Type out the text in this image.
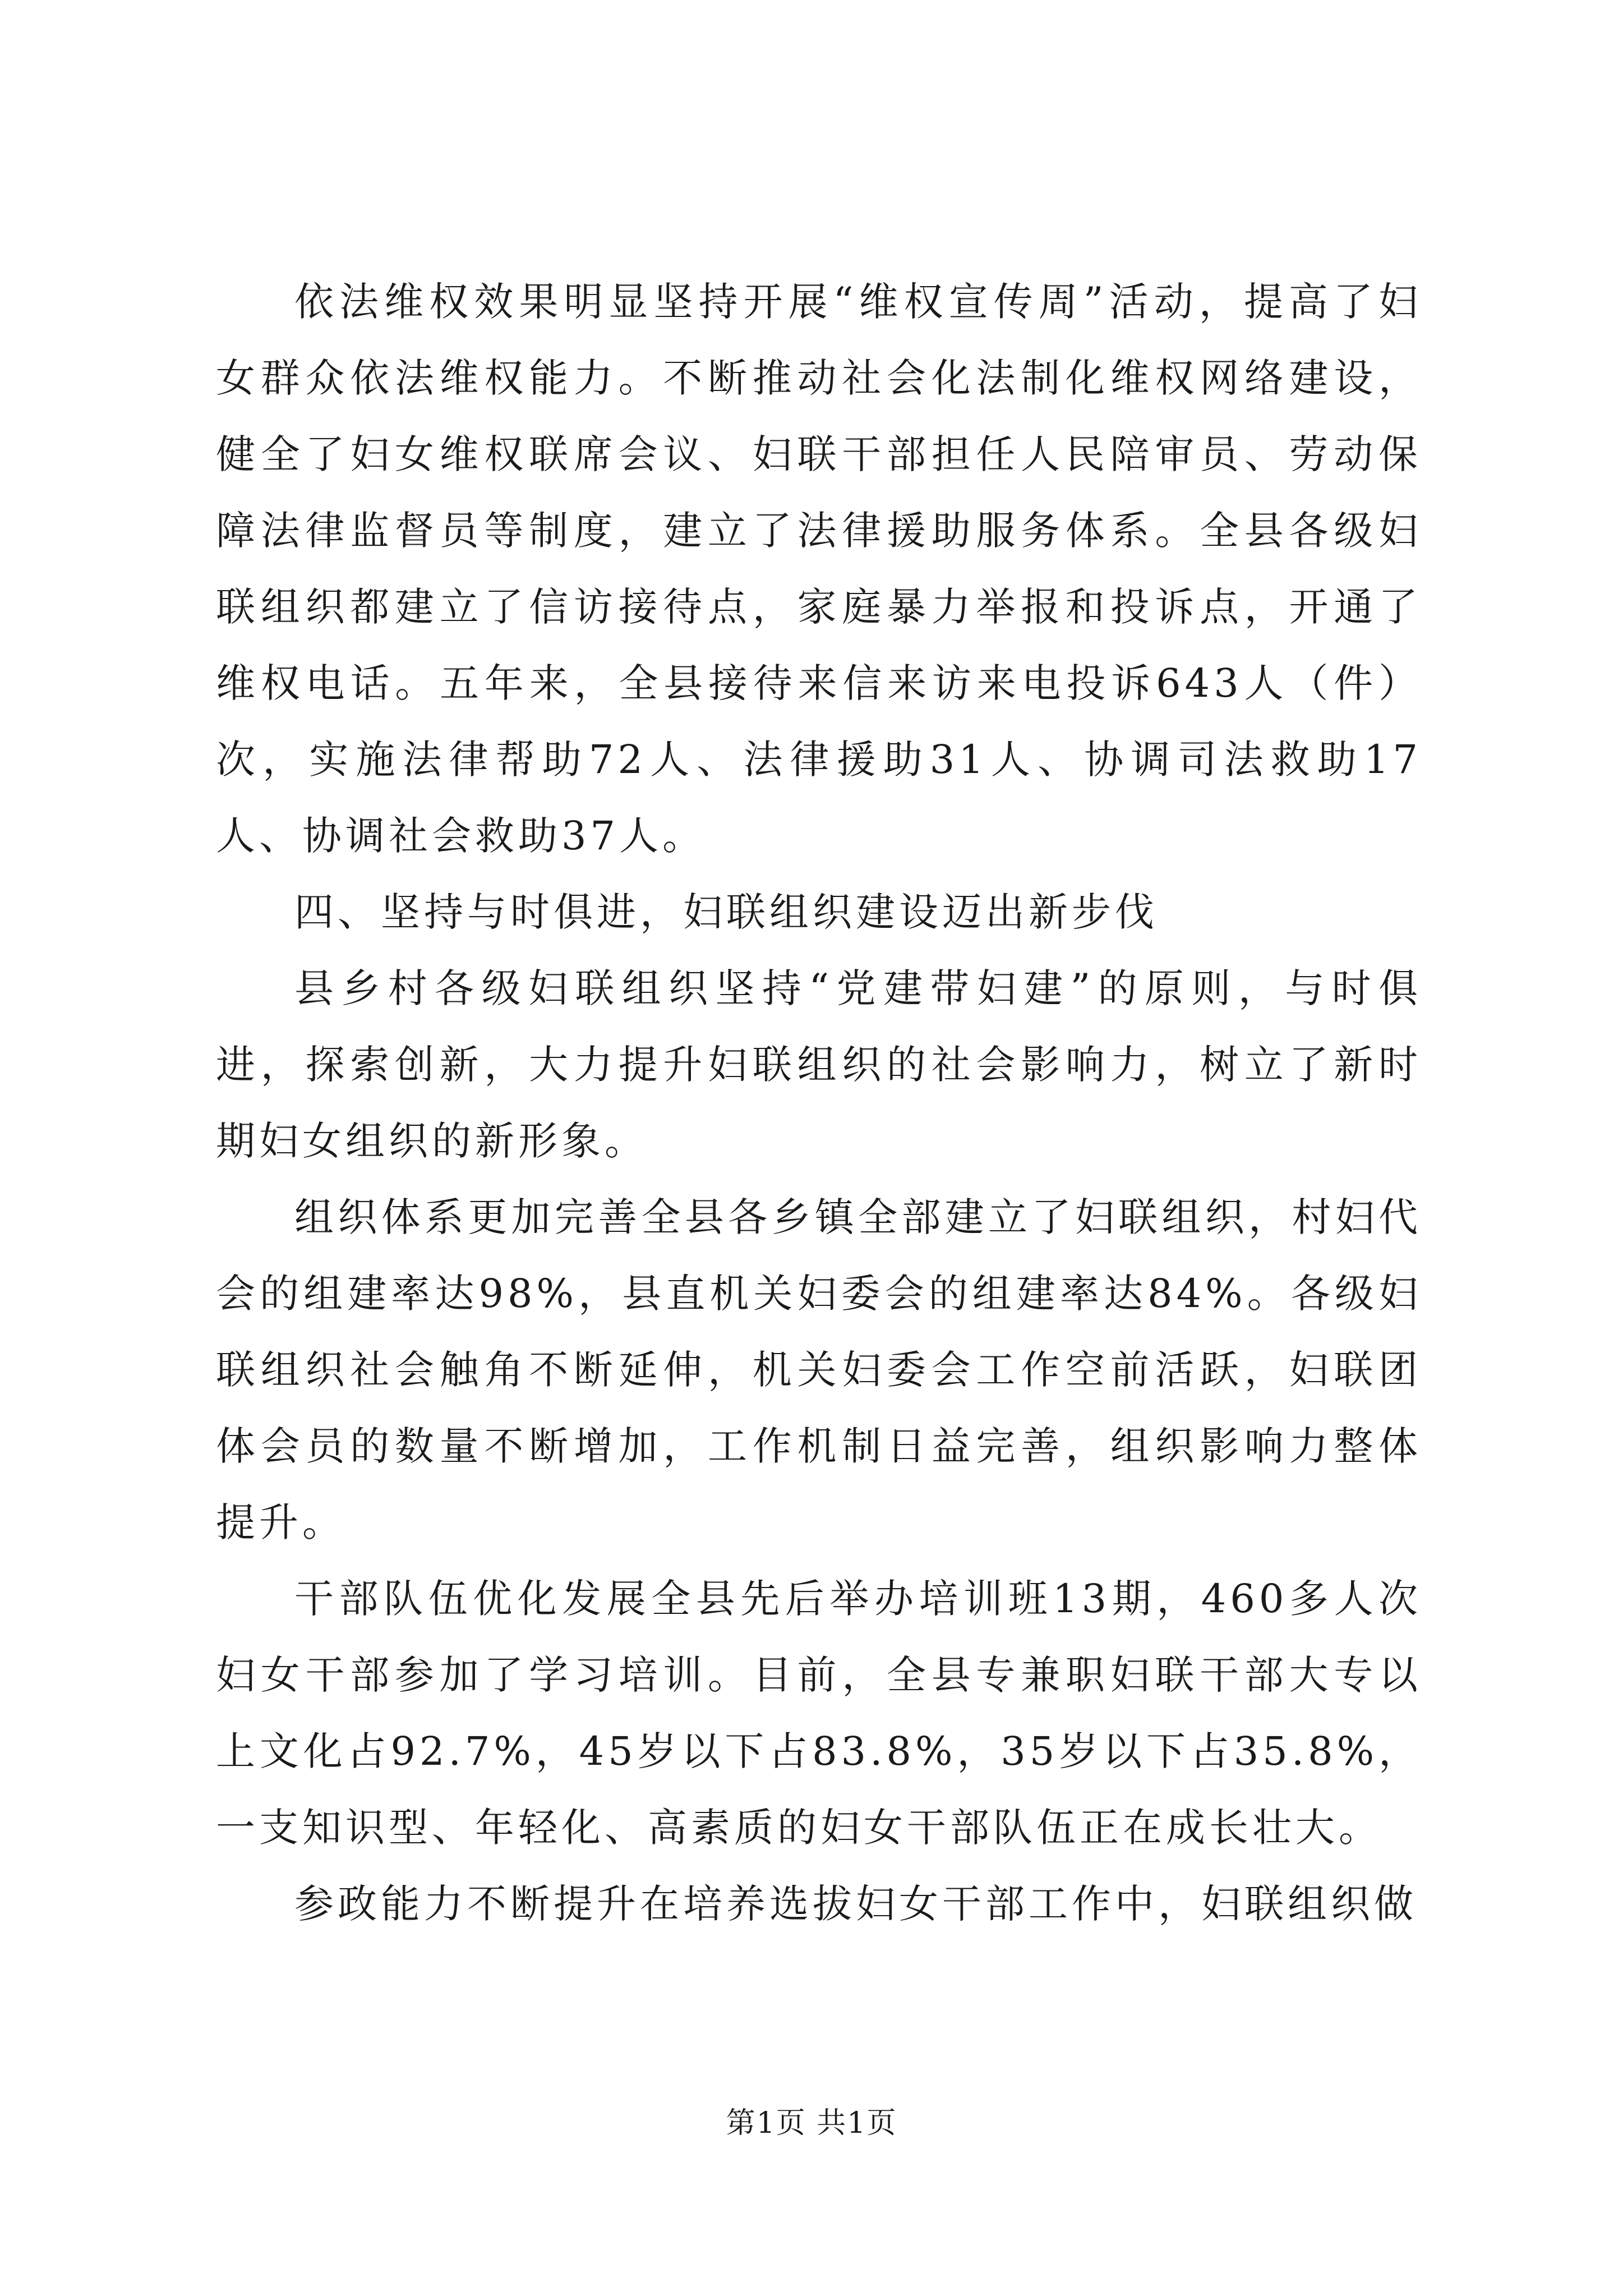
依法维权效果明显坚持开展“维权宣传周”活动，提高了妇女群众依法维权能力。不断推动社会化法制化维权网络建设，健全了妇女维权联席会议、妇联干部担任人民陪审员、劳动保障法律监督员等制度，建立了法律援助服务体系。全县各级妇联组织都建立了信访接待点，家庭暴力举报和投诉点，开通了维权电话。五年来，全县接待来信来访来电投诉643人（件）次，实施法律帮助72人、法律援助31人、协调司法救助17人、协调社会救助37人。

四、坚持与时俱进，妇联组织建设迈出新步伐

县乡村各级妇联组织坚持“党建带妇建”的原则，与时俱进，探索创新，大力提升妇联组织的社会影响力，树立了新时期妇女组织的新形象。

组织体系更加完善全县各乡镇全部建立了妇联组织，村妇代会的组建率达98%，县直机关妇委会的组建率达84%。各级妇联组织社会触角不断延伸，机关妇委会工作空前活跃，妇联团体会员的数量不断增加，工作机制日益完善，组织影响力整体提升。

干部队伍优化发展全县先后举办培训班13期，460多人次妇女干部参加了学习培训。目前，全县专兼职妇联干部大专以上文化占92.7%，45岁以下占83.8%，35岁以下占35.8%，一支知识型、年轻化、高素质的妇女干部队伍正在成长壮大。

参政能力不断提升在培养选拔妇女干部工作中，妇联组织做

第1页 共1页
